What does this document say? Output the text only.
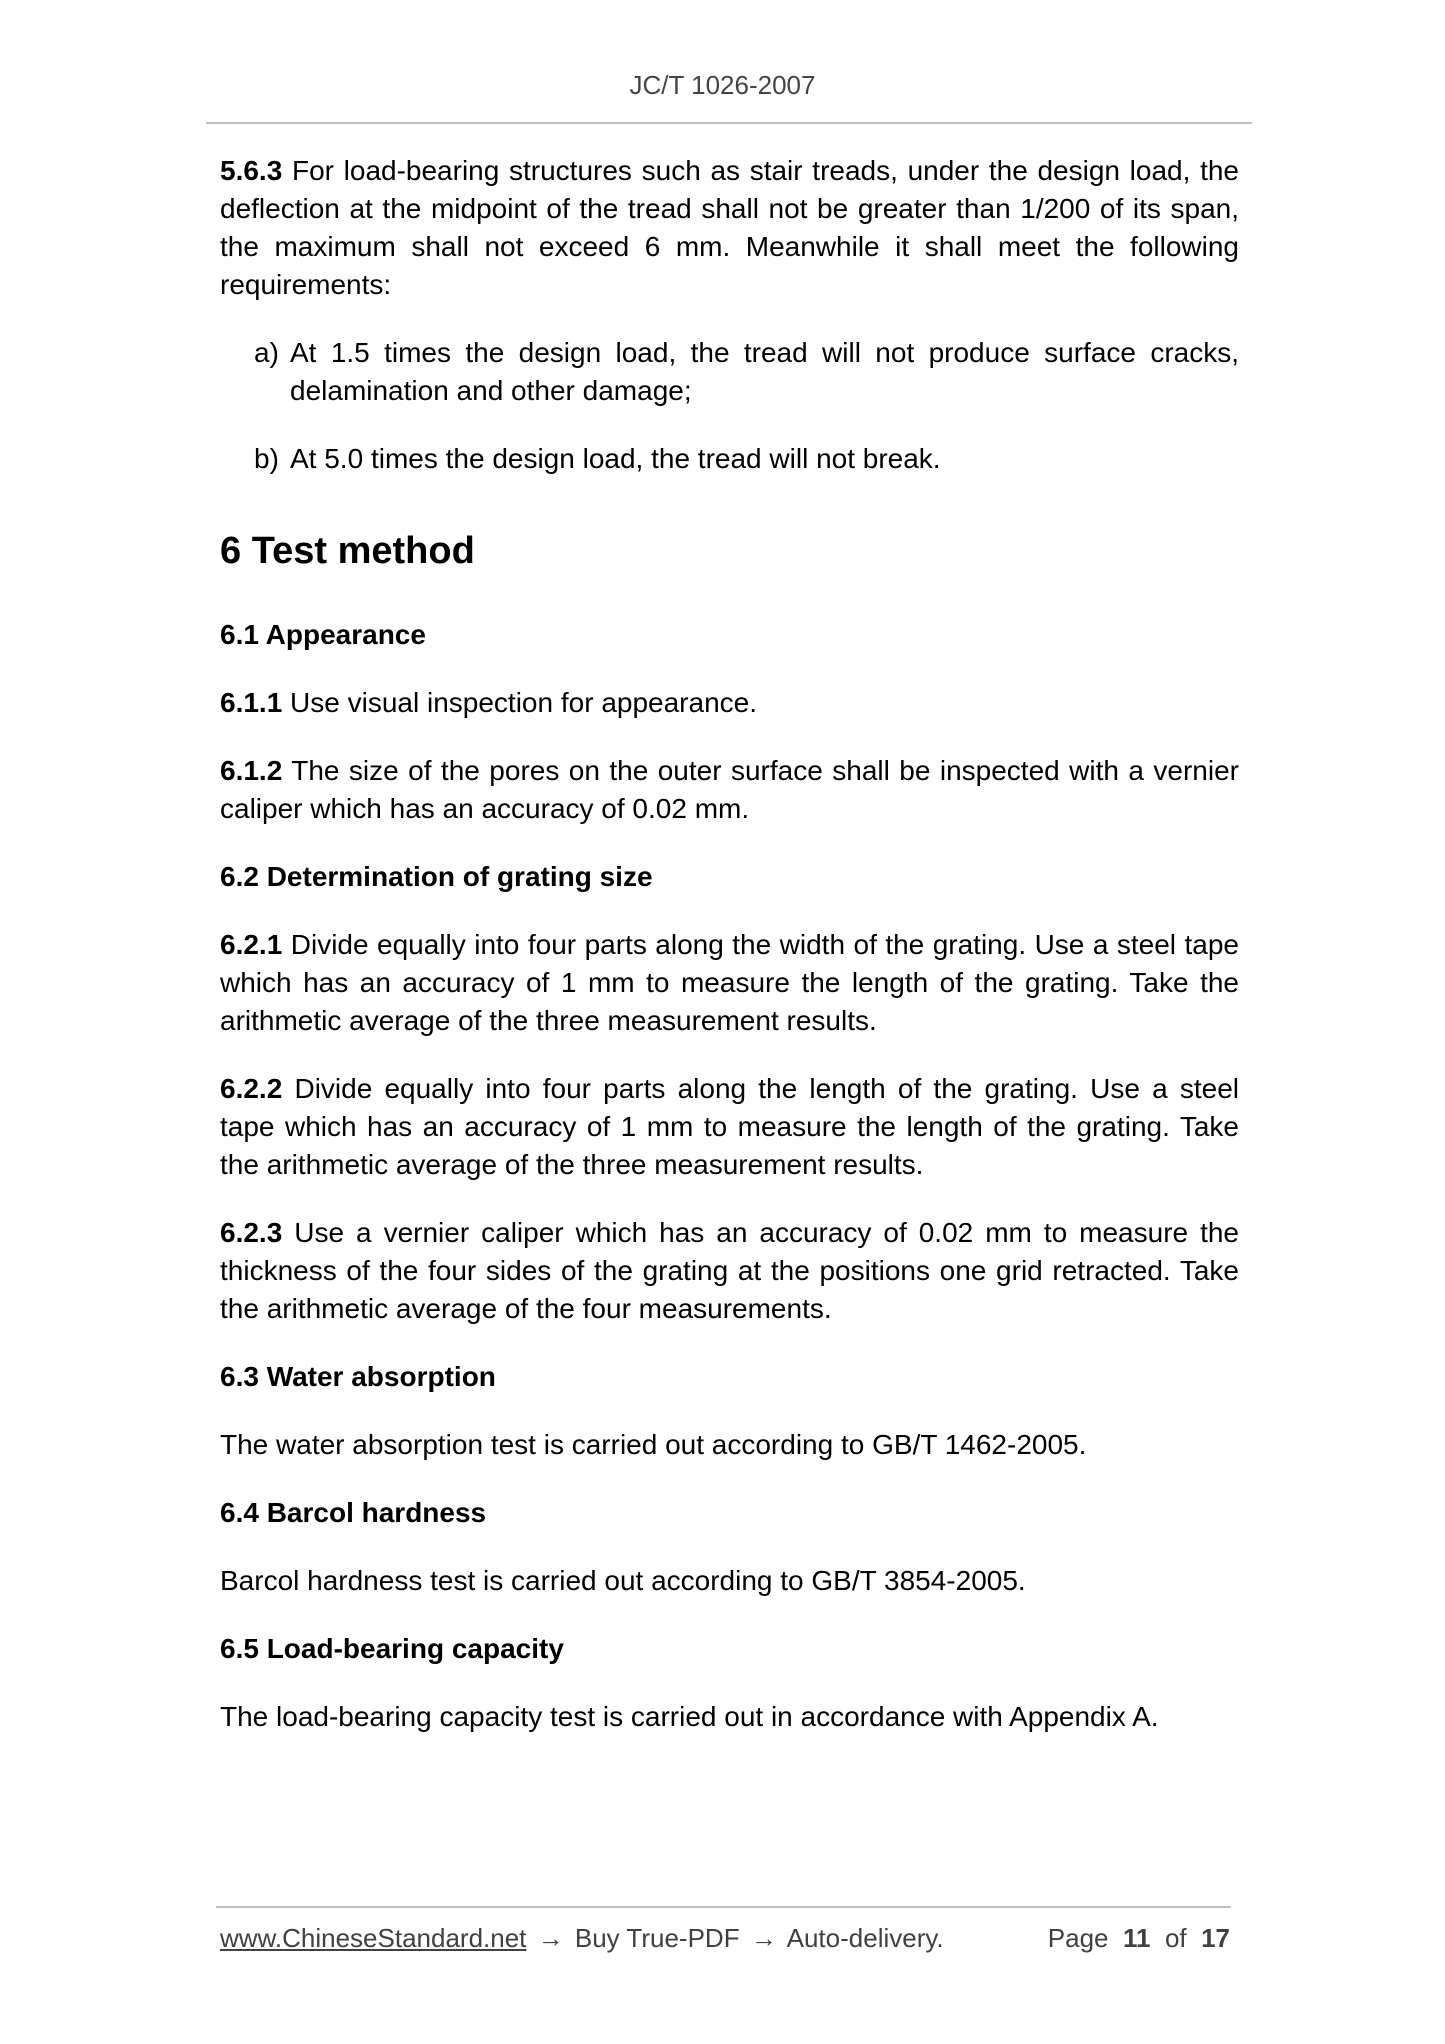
JC/T 1026-2007

5.6.3 For load-bearing structures such as stair treads, under the design load, the deflection at the midpoint of the tread shall not be greater than 1/200 of its span, the maximum shall not exceed 6 mm. Meanwhile it shall meet the following requirements:

a) At 1.5 times the design load, the tread will not produce surface cracks, delamination and other damage;
b) At 5.0 times the design load, the tread will not break.
6 Test method
6.1 Appearance

6.1.1 Use visual inspection for appearance.

6.1.2 The size of the pores on the outer surface shall be inspected with a vernier caliper which has an accuracy of 0.02 mm.

6.2 Determination of grating size

6.2.1 Divide equally into four parts along the width of the grating. Use a steel tape which has an accuracy of 1 mm to measure the length of the grating. Take the arithmetic average of the three measurement results.

6.2.2 Divide equally into four parts along the length of the grating. Use a steel tape which has an accuracy of 1 mm to measure the length of the grating. Take the arithmetic average of the three measurement results.

6.2.3 Use a vernier caliper which has an accuracy of 0.02 mm to measure the thickness of the four sides of the grating at the positions one grid retracted. Take the arithmetic average of the four measurements.

6.3 Water absorption

The water absorption test is carried out according to GB/T 1462-2005.

6.4 Barcol hardness

Barcol hardness test is carried out according to GB/T 3854-2005.

6.5 Load-bearing capacity

The load-bearing capacity test is carried out in accordance with Appendix A.

www.ChineseStandard.net → Buy True-PDF → Auto-delivery.	Page 11 of 17
